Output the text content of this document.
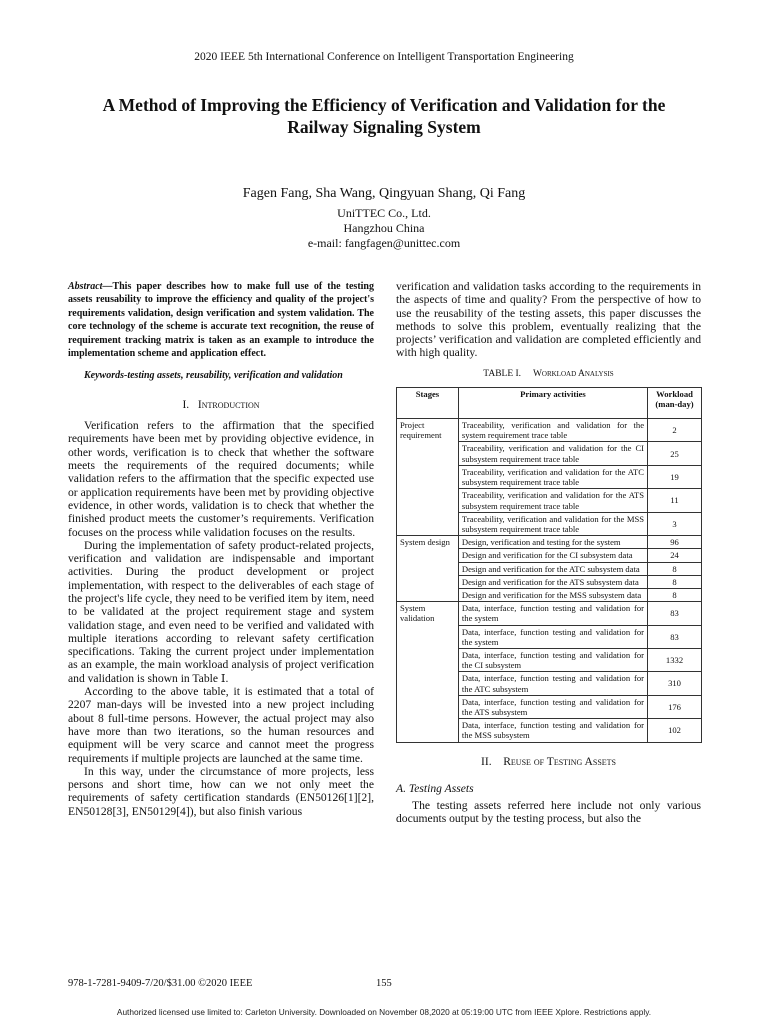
2020 IEEE 5th International Conference on Intelligent Transportation Engineering
A Method of Improving the Efficiency of Verification and Validation for the
Railway Signaling System
Fagen Fang, Sha Wang, Qingyuan Shang, Qi Fang
UniTTEC Co., Ltd.
Hangzhou China
e-mail: fangfagen@unittec.com

Abstract—This paper describes how to make full use of the testing assets reusability to improve the efficiency and quality of the project's requirements validation, design verification and system validation. The core technology of the scheme is accurate text recognition, the reuse of requirement tracking matrix is taken as an example to introduce the implementation scheme and application effect.

Keywords-testing assets, reusability, verification and validation

I. Introduction

Verification refers to the affirmation that the specified requirements have been met by providing objective evidence, in other words, verification is to check that whether the software meets the requirements of the required documents; while validation refers to the affirmation that the specific expected use or application requirements have been met by providing objective evidence, in other words, validation is to check that whether the finished product meets the customer’s requirements. Verification focuses on the process while validation focuses on the results.

During the implementation of safety product-related projects, verification and validation are indispensable and important activities. During the product development or project implementation, with respect to the deliverables of each stage of the project's life cycle, they need to be verified item by item, need to be validated at the project requirement stage and system validation stage, and even need to be verified and validated with multiple iterations according to relevant safety certification specifications. Taking the current project under implementation as an example, the main workload analysis of project verification and validation is shown in Table Ⅰ.

According to the above table, it is estimated that a total of 2207 man-days will be invested into a new project including about 8 full-time persons. However, the actual project may also have more than two iterations, so the human resources and equipment will be very scarce and cannot meet the progress requirements if multiple projects are launched at the same time.

In this way, under the circumstance of more projects, less persons and short time, how can we not only meet the requirements of safety certification standards (EN50126[1][2], EN50128[3], EN50129[4]), but also finish various

verification and validation tasks according to the requirements in the aspects of time and quality? From the perspective of how to use the reusability of the testing assets, this paper discusses the methods to solve this problem, eventually realizing that the projects’ verification and validation are completed efficiently and with high quality.

TABLE I. Workload Analysis
Stages	Primary activities	Workload (man-day)
Project requirement	Traceability, verification and validation for the system requirement trace table	2
	Traceability, verification and validation for the CI subsystem requirement trace table	25
	Traceability, verification and validation for the ATC subsystem requirement trace table	19
	Traceability, verification and validation for the ATS subsystem requirement trace table	11
	Traceability, verification and validation for the MSS subsystem requirement trace table	3
System design	Design, verification and testing for the system	96
	Design and verification for the CI subsystem data	24
	Design and verification for the ATC subsystem data	8
	Design and verification for the ATS subsystem data	8
	Design and verification for the MSS subsystem data	8
System validation	Data, interface, function testing and validation for the system	83
	Data, interface, function testing and validation for the system	83
	Data, interface, function testing and validation for the CI subsystem	1332
	Data, interface, function testing and validation for the ATC subsystem	310
	Data, interface, function testing and validation for the ATS subsystem	176
	Data, interface, function testing and validation for the MSS subsystem	102
II. Reuse of Testing Assets
A. Testing Assets

The testing assets referred here include not only various documents output by the testing process, but also the

978-1-7281-9409-7/20/$31.00 ©2020 IEEE	155
Authorized licensed use limited to: Carleton University. Downloaded on November 08,2020 at 05:19:00 UTC from IEEE Xplore. Restrictions apply.
